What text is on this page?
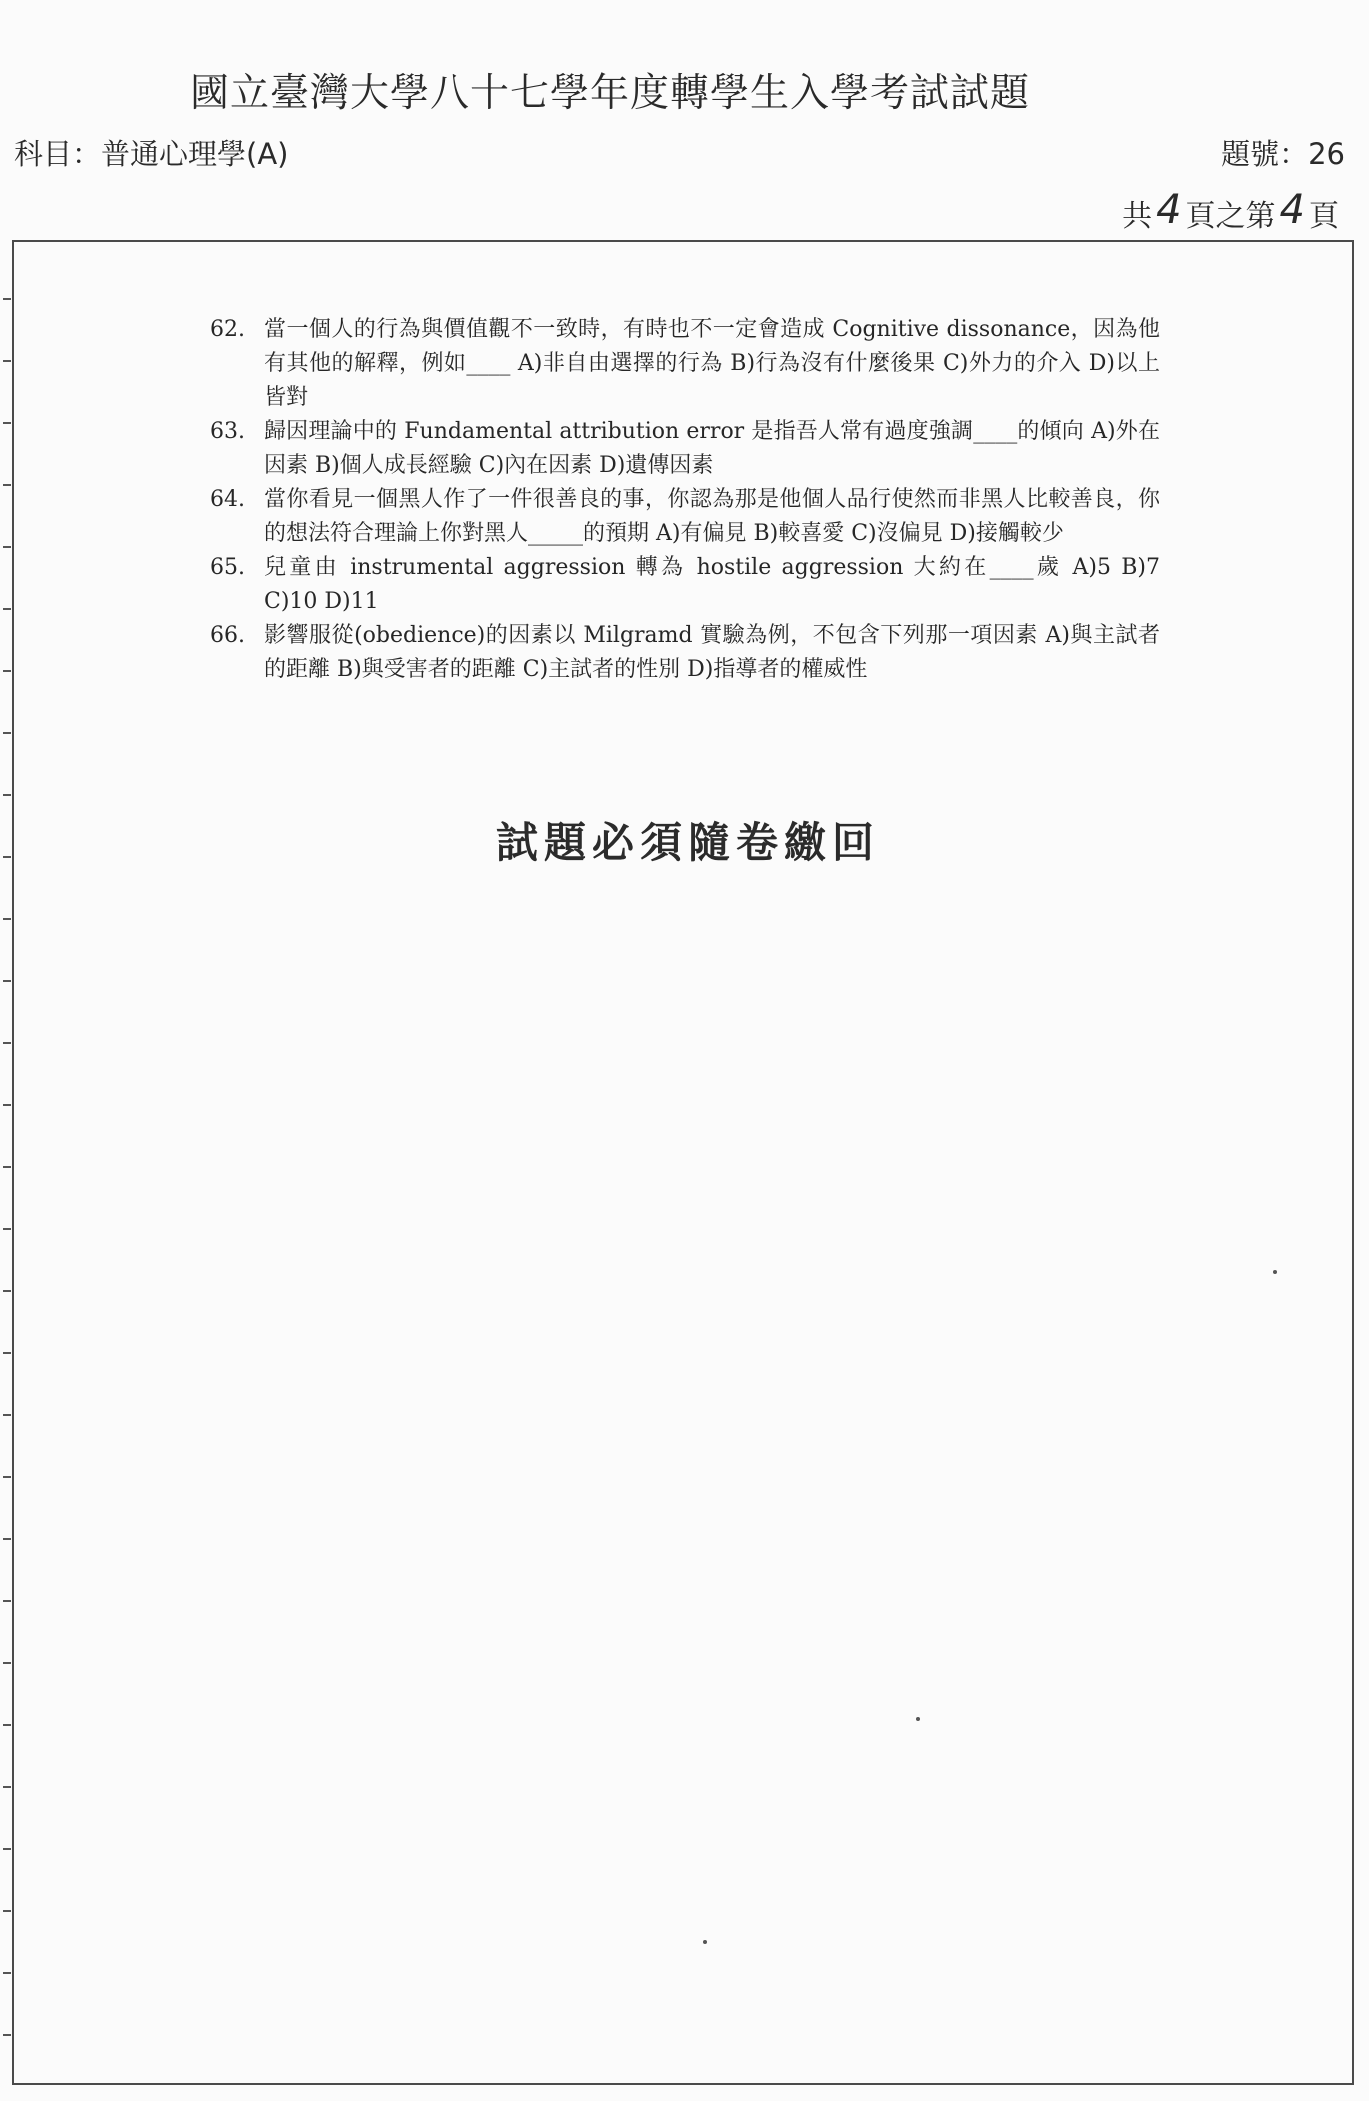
國立臺灣大學八十七學年度轉學生入學考試試題
科目：普通心理學(A)	題號：26
共 4 頁之第 4 頁
62. 當一個人的行為與價值觀不一致時，有時也不一定會造成 Cognitive dissonance，因為他有其他的解釋，例如____ A)非自由選擇的行為 B)行為沒有什麼後果 C)外力的介入 D)以上皆對
63. 歸因理論中的 Fundamental attribution error 是指吾人常有過度強調____的傾向 A)外在因素 B)個人成長經驗 C)內在因素 D)遺傳因素
64. 當你看見一個黑人作了一件很善良的事，你認為那是他個人品行使然而非黑人比較善良，你的想法符合理論上你對黑人_____的預期 A)有偏見 B)較喜愛 C)沒偏見 D)接觸較少
65. 兒童由 instrumental aggression 轉為 hostile aggression 大約在____歲 A)5 B)7 C)10 D)11
66. 影響服從(obedience)的因素以 Milgramd 實驗為例，不包含下列那一項因素 A)與主試者的距離 B)與受害者的距離 C)主試者的性別 D)指導者的權威性
試題必須隨卷繳回
